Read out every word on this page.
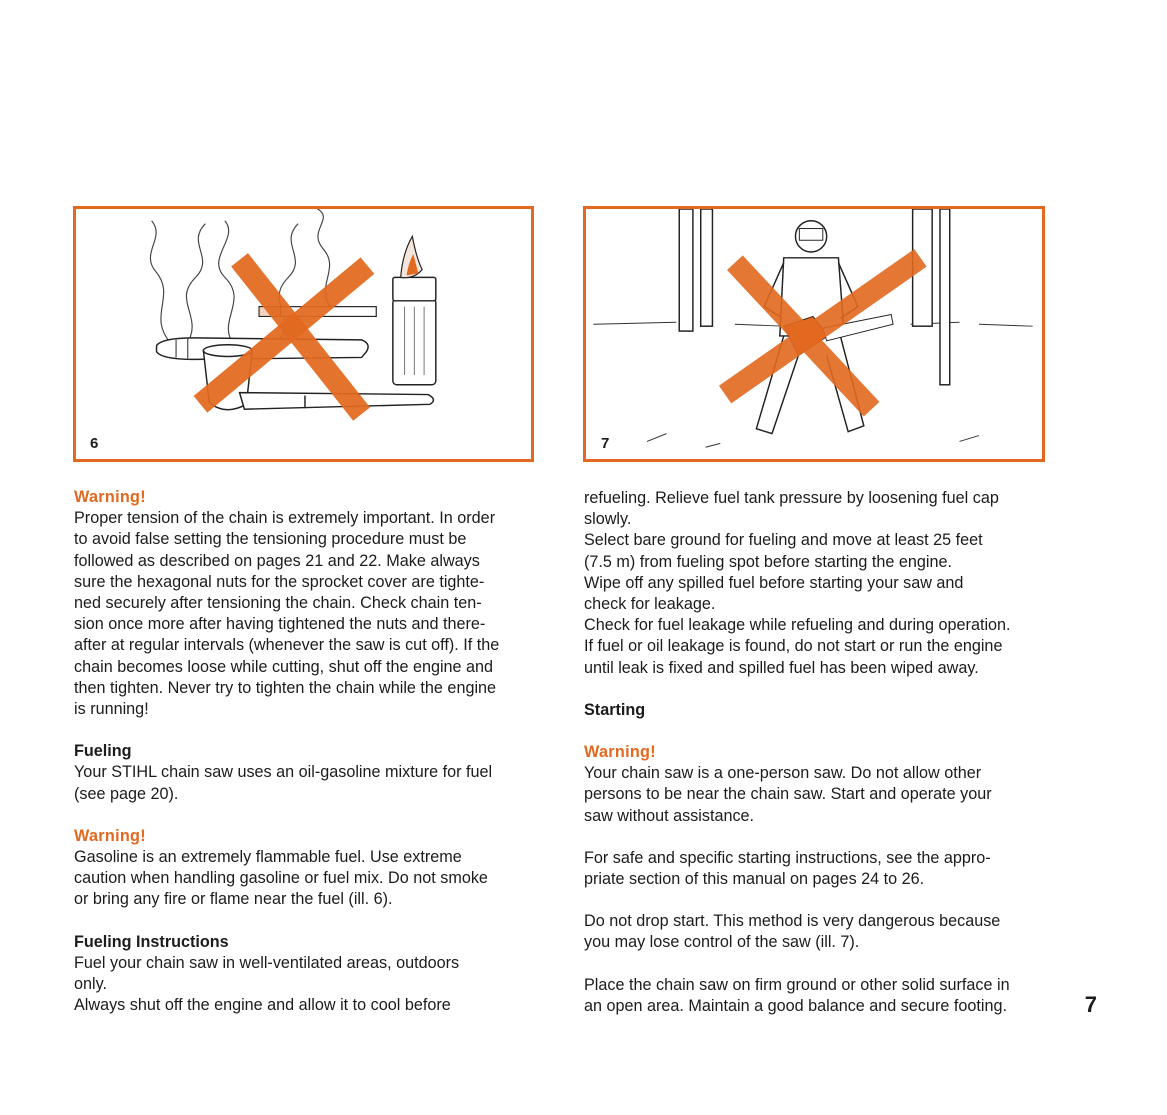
6	7

Warning!

Proper tension of the chain is extremely important. In order

to avoid false setting the tensioning procedure must be

followed as described on pages 21 and 22. Make always

sure the hexagonal nuts for the sprocket cover are tighte-

ned securely after tensioning the chain. Check chain ten-

sion once more after having tightened the nuts and there-

after at regular intervals (whenever the saw is cut off). If the

chain becomes loose while cutting, shut off the engine and

then tighten. Never try to tighten the chain while the engine

is running!

Fueling

Your STIHL chain saw uses an oil-gasoline mixture for fuel

(see page 20).

Warning!

Gasoline is an extremely flammable fuel. Use extreme

caution when handling gasoline or fuel mix. Do not smoke

or bring any fire or flame near the fuel (ill. 6).

Fueling Instructions

Fuel your chain saw in well-ventilated areas, outdoors

only.

Always shut off the engine and allow it to cool before

refueling. Relieve fuel tank pressure by loosening fuel cap

slowly.

Select bare ground for fueling and move at least 25 feet

(7.5 m) from fueling spot before starting the engine.

Wipe off any spilled fuel before starting your saw and

check for leakage.

Check for fuel leakage while refueling and during operation.

If fuel or oil leakage is found, do not start or run the engine

until leak is fixed and spilled fuel has been wiped away.

Starting

Warning!

Your chain saw is a one-person saw. Do not allow other

persons to be near the chain saw. Start and operate your

saw without assistance.

For safe and specific starting instructions, see the appro-

priate section of this manual on pages 24 to 26.

Do not drop start. This method is very dangerous because

you may lose control of the saw (ill. 7).

Place the chain saw on firm ground or other solid surface in

an open area. Maintain a good balance and secure footing.	7
